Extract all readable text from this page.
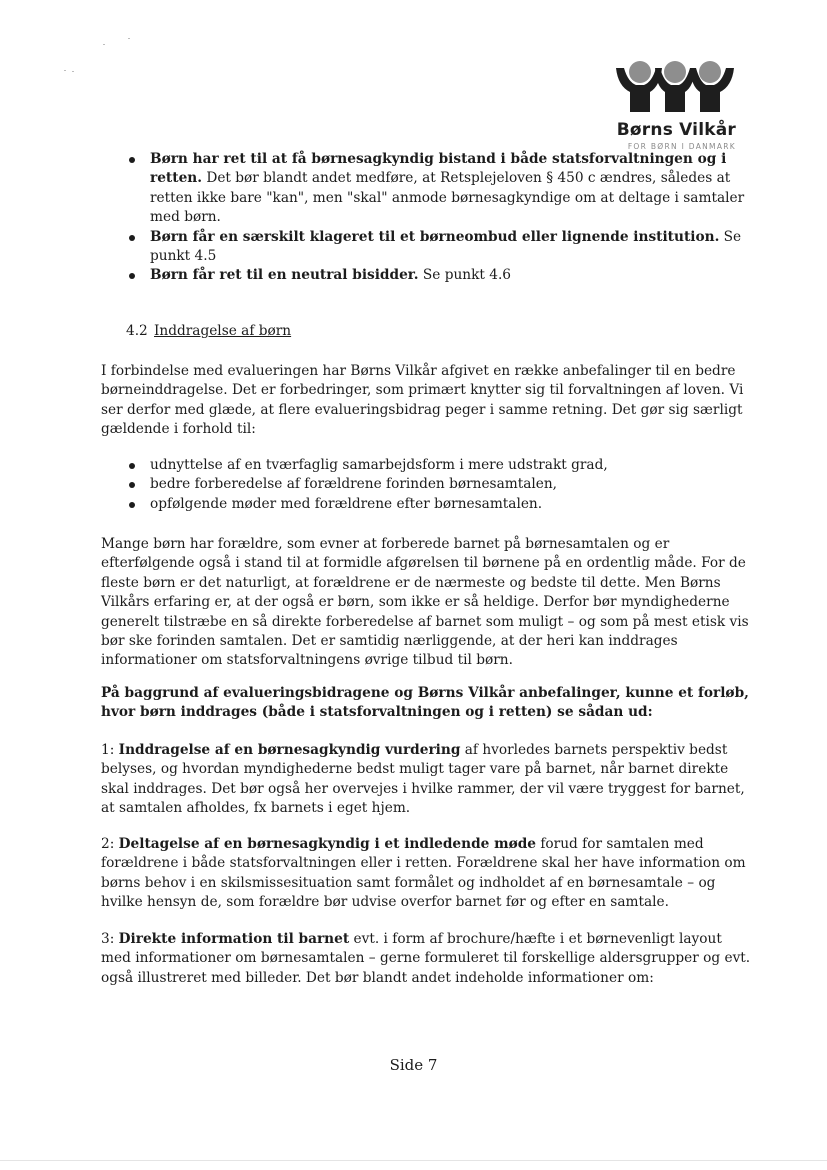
Børns Vilkår
FOR BØRN I DANMARK
Børn har ret til at få børnesagkyndig bistand i både statsforvaltningen og i retten. Det bør blandt andet medføre, at Retsplejeloven § 450 c ændres, således at retten ikke bare "kan", men "skal" anmode børnesagkyndige om at deltage i samtaler med børn.
Børn får en særskilt klageret til et børneombud eller lignende institution. Se punkt 4.5
Børn får ret til en neutral bisidder. Se punkt 4.6
4.2 Inddragelse af børn

I forbindelse med evalueringen har Børns Vilkår afgivet en række anbefalinger til en bedre børneinddragelse. Det er forbedringer, som primært knytter sig til forvaltningen af loven. Vi ser derfor med glæde, at flere evalueringsbidrag peger i samme retning. Det gør sig særligt gældende i forhold til:

udnyttelse af en tværfaglig samarbejdsform i mere udstrakt grad,
bedre forberedelse af forældrene forinden børnesamtalen,
opfølgende møder med forældrene efter børnesamtalen.

Mange børn har forældre, som evner at forberede barnet på børnesamtalen og er efterfølgende også i stand til at formidle afgørelsen til børnene på en ordentlig måde. For de fleste børn er det naturligt, at forældrene er de nærmeste og bedste til dette. Men Børns Vilkårs erfaring er, at der også er børn, som ikke er så heldige. Derfor bør myndighederne generelt tilstræbe en så direkte forberedelse af barnet som muligt – og som på mest etisk vis bør ske forinden samtalen. Det er samtidig nærliggende, at der heri kan inddrages informationer om statsforvaltningens øvrige tilbud til børn.

På baggrund af evalueringsbidragene og Børns Vilkår anbefalinger, kunne et forløb, hvor børn inddrages (både i statsforvaltningen og i retten) se sådan ud:

1: Inddragelse af en børnesagkyndig vurdering af hvorledes barnets perspektiv bedst belyses, og hvordan myndighederne bedst muligt tager vare på barnet, når barnet direkte skal inddrages. Det bør også her overvejes i hvilke rammer, der vil være tryggest for barnet, at samtalen afholdes, fx barnets i eget hjem.

2: Deltagelse af en børnesagkyndig i et indledende møde forud for samtalen med forældrene i både statsforvaltningen eller i retten. Forældrene skal her have information om børns behov i en skilsmissesituation samt formålet og indholdet af en børnesamtale – og hvilke hensyn de, som forældre bør udvise overfor barnet før og efter en samtale.

3: Direkte information til barnet evt. i form af brochure/hæfte i et børnevenligt layout med informationer om børnesamtalen – gerne formuleret til forskellige aldersgrupper og evt. også illustreret med billeder. Det bør blandt andet indeholde informationer om:

Side 7
